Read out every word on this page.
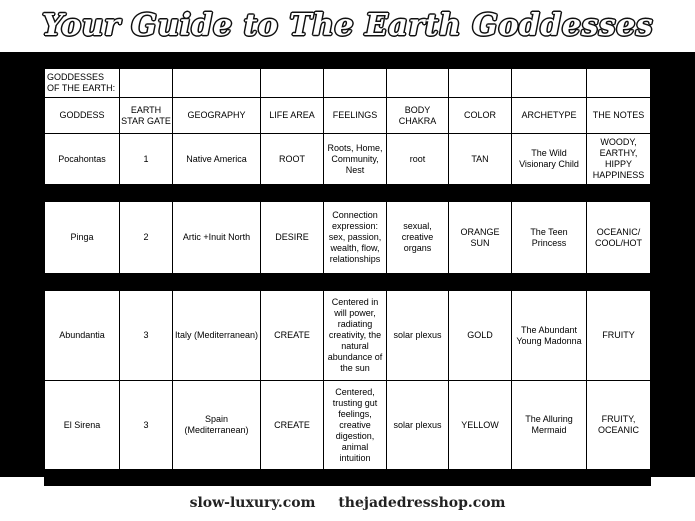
Your Guide to The Earth Goddesses

GODDESSES OF THE EARTH:								
GODDESS	EARTH STAR GATE	GEOGRAPHY	LIFE AREA	FEELINGS	BODY CHAKRA	COLOR	ARCHETYPE	THE NOTES
Pocahontas	1	Native America	ROOT	Roots, Home, Community, Nest	root	TAN	The Wild Visionary Child	WOODY, EARTHY, HIPPY HAPPINESS

Pinga	2	Artic +Inuit North	DESIRE	Connection expression: sex, passion, wealth, flow, relationships	sexual, creative organs	ORANGE SUN	The Teen Princess	OCEANIC/ COOL/HOT

Abundantia	3	Italy (Mediterranean)	CREATE	Centered in will power, radiating creativity, the natural abundance of the sun	solar plexus	GOLD	The Abundant Young Madonna	FRUITY
El Sirena	3	Spain (Mediterranean)	CREATE	Centered, trusting gut feelings, creative digestion, animal intuition	solar plexus	YELLOW	The Alluring Mermaid	FRUITY, OCEANIC

slow-luxury.com thejadedresshop.com
